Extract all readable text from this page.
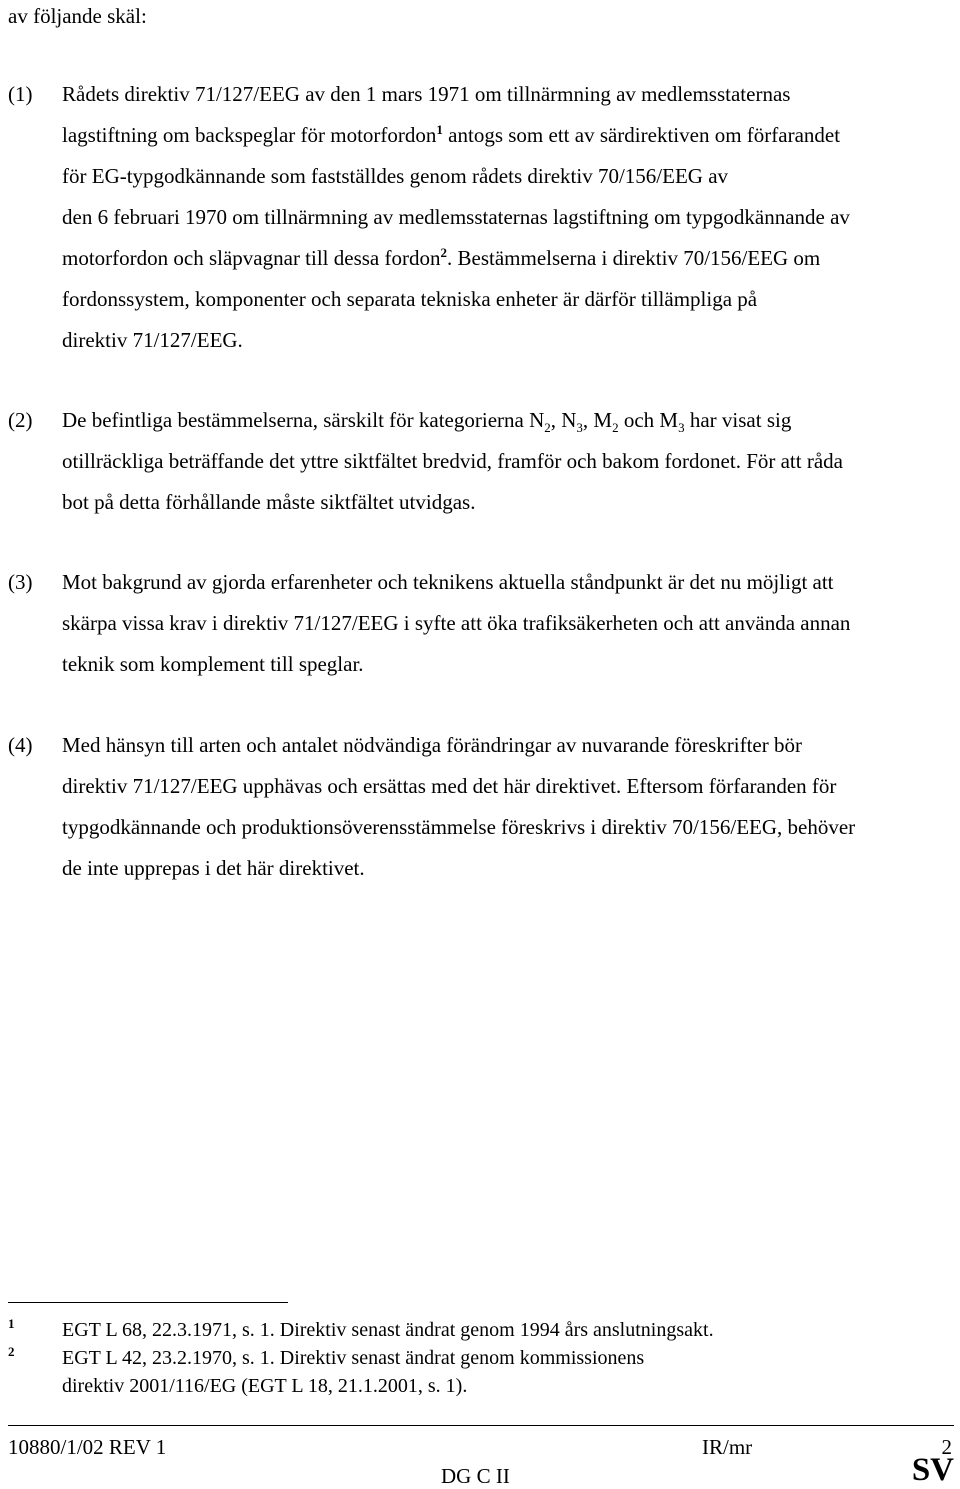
av följande skäl:
(1) Rådets direktiv 71/127/EEG av den 1 mars 1971 om tillnärmning av medlemsstaternas
lagstiftning om backspeglar för motorfordon$^1$ antogs som ett av särdirektiven om förfarandet
för EG-typgodkännande som fastställdes genom rådets direktiv 70/156/EEG av
den 6 februari 1970 om tillnärmning av medlemsstaternas lagstiftning om typgodkännande av
motorfordon och släpvagnar till dessa fordon$^2$. Bestämmelserna i direktiv 70/156/EEG om
fordonssystem, komponenter och separata tekniska enheter är därför tillämpliga på
direktiv 71/127/EEG.
(2) De befintliga bestämmelserna, särskilt för kategorierna $N_2$, $N_3$, $M_2$ och $M_3$ har visat sig
otillräckliga beträffande det yttre siktfältet bredvid, framför och bakom fordonet. För att råda
bot på detta förhållande måste siktfältet utvidgas.
(3) Mot bakgrund av gjorda erfarenheter och teknikens aktuella ståndpunkt är det nu möjligt att
skärpa vissa krav i direktiv 71/127/EEG i syfte att öka trafiksäkerheten och att använda annan
teknik som komplement till speglar.
(4) Med hänsyn till arten och antalet nödvändiga förändringar av nuvarande föreskrifter bör
direktiv 71/127/EEG upphävas och ersättas med det här direktivet. Eftersom förfaranden för
typgodkännande och produktionsöverensstämmelse föreskrivs i direktiv 70/156/EEG, behöver
de inte upprepas i det här direktivet.
1 EGT L 68, 22.3.1971, s. 1. Direktiv senast ändrat genom 1994 års anslutningsakt.
2 EGT L 42, 23.2.1970, s. 1. Direktiv senast ändrat genom kommissionens
direktiv 2001/116/EG (EGT L 18, 21.1.2001, s. 1).
10880/1/02 REV 1	IR/mr	2
DG C II	SV
